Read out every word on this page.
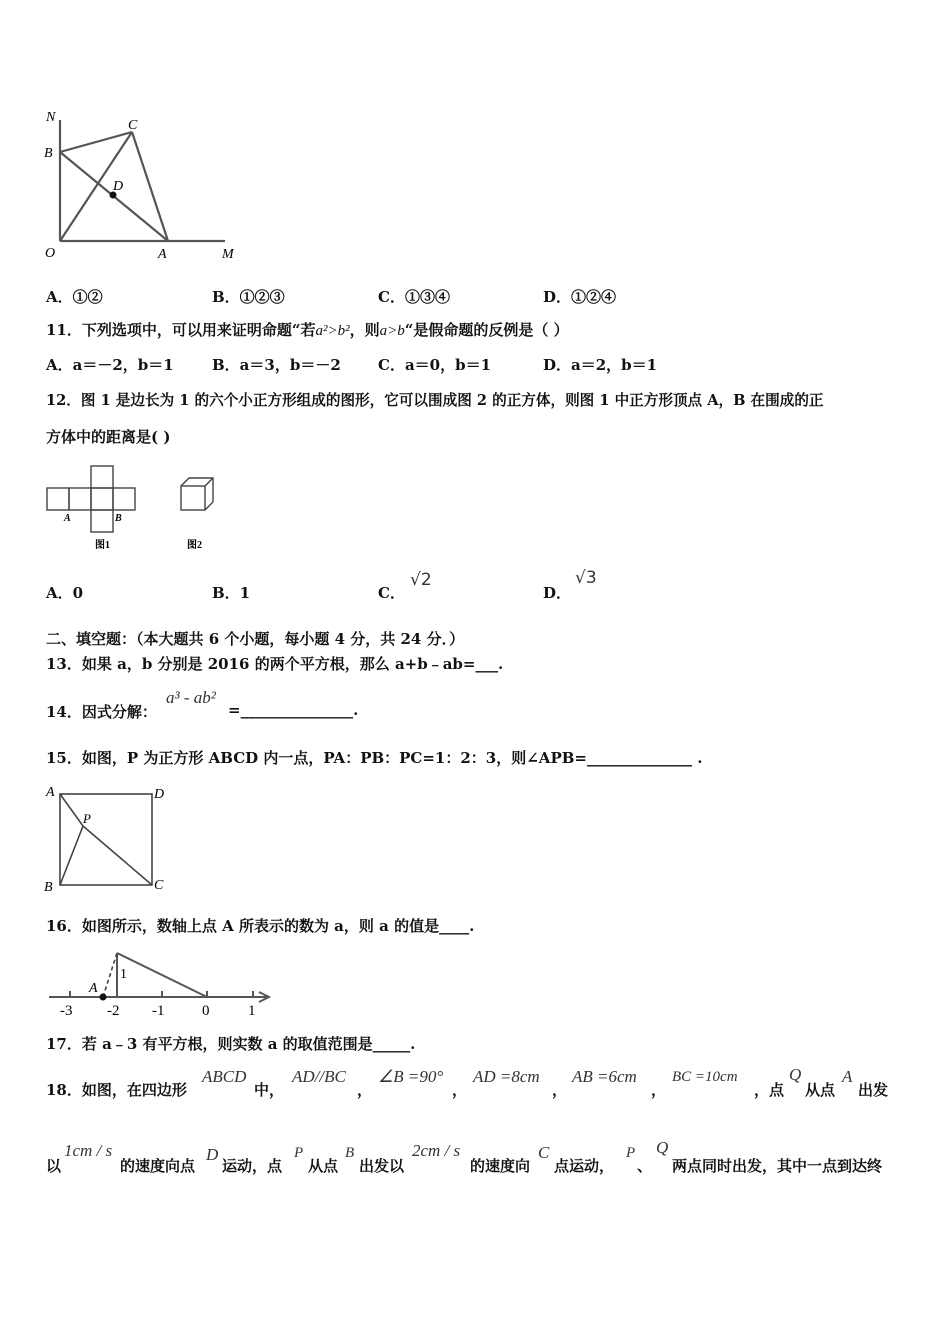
N
B
C
D
O	A	M
A．①②	B．①②③	C．①③④	D．①②④
11．下列选项中，可以用来证明命题“若a²>b²，则a>b“是假命题的反例是（ ）
A．a＝－2，b＝1	B．a＝3，b＝－2 C．a＝0，b＝1	D．a＝2，b＝1
12．图 1 是边长为 1 的六个小正方形组成的图形，它可以围成图 2 的正方体，则图 1 中正方形顶点 A，B 在围成的正
方体中的距离是( )
A	B
图1	图2
A．0	B．1	C．
√2
D．
√3
二、填空题：（本大题共 6 个小题，每小题 4 分，共 24 分．）
13．如果 a，b 分别是 2016 的两个平方根，那么 a+b﹣ab=___.
14．因式分解：
a³ - ab²
=_______________.
15．如图，P 为正方形 ABCD 内一点，PA：PB：PC=1：2：3，则∠APB=______________ .
A	D
P
B	C
16．如图所示，数轴上点 A 所表示的数为 a，则 a 的值是____.
A
1
-3 -2 -1	0	1
17．若 a﹣3 有平方根，则实数 a 的取值范围是_____.
18．如图，在四边形
ABCD
中，
AD//BC
，
∠B =90°
，
AD =8cm
，
AB =6cm
，
BC =10cm
，点
Q
从点
A
出发
以
1cm / s
的速度向点
D
运动，点
P
从点
B
出发以
2cm / s
的速度向
C
点运动，
P
、
Q
两点同时出发，其中一点到达终
